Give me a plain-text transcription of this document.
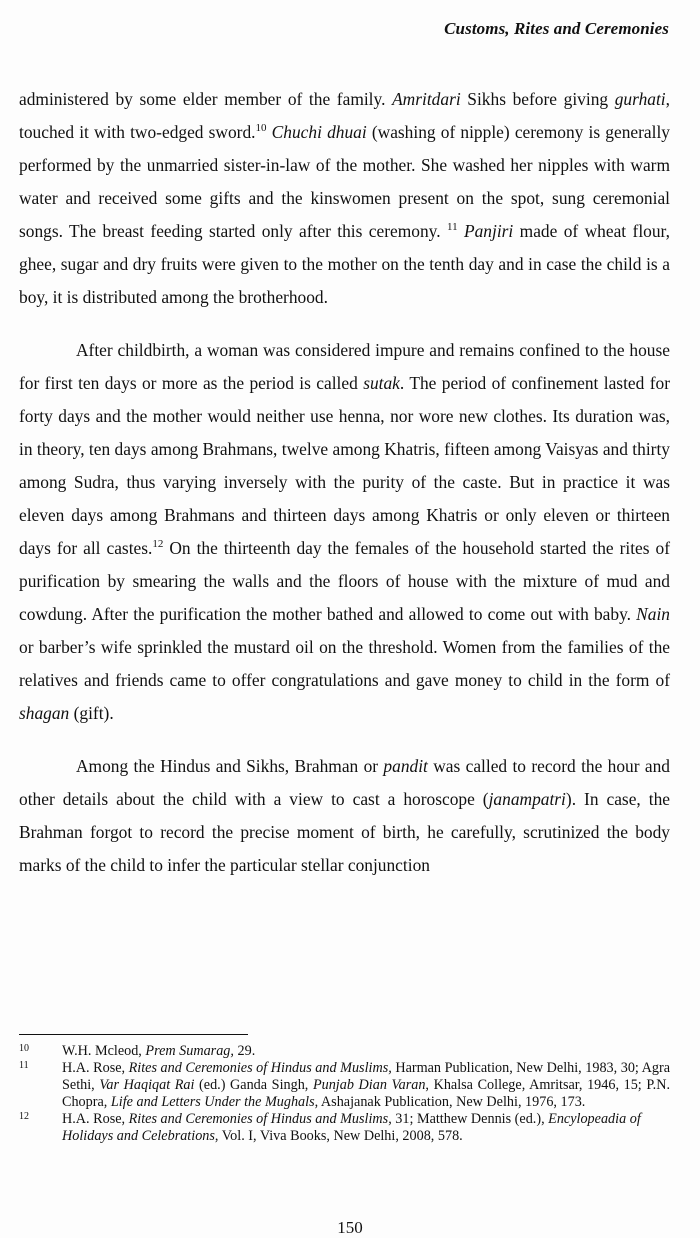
Customs, Rites and Ceremonies

administered by some elder member of the family. Amritdari Sikhs before giving gurhati, touched it with two-edged sword.$^{10}$ Chuchi dhuai (washing of nipple) ceremony is generally performed by the unmarried sister-in-law of the mother. She washed her nipples with warm water and received some gifts and the kinswomen present on the spot, sung ceremonial songs. The breast feeding started only after this ceremony. $^{11}$ Panjiri made of wheat flour, ghee, sugar and dry fruits were given to the mother on the tenth day and in case the child is a boy, it is distributed among the brotherhood.

After childbirth, a woman was considered impure and remains confined to the house for first ten days or more as the period is called sutak. The period of confinement lasted for forty days and the mother would neither use henna, nor wore new clothes. Its duration was, in theory, ten days among Brahmans, twelve among Khatris, fifteen among Vaisyas and thirty among Sudra, thus varying inversely with the purity of the caste. But in practice it was eleven days among Brahmans and thirteen days among Khatris or only eleven or thirteen days for all castes.$^{12}$ On the thirteenth day the females of the household started the rites of purification by smearing the walls and the floors of house with the mixture of mud and cowdung. After the purification the mother bathed and allowed to come out with baby. Nain or barber’s wife sprinkled the mustard oil on the threshold. Women from the families of the relatives and friends came to offer congratulations and gave money to child in the form of shagan (gift).

Among the Hindus and Sikhs, Brahman or pandit was called to record the hour and other details about the child with a view to cast a horoscope (janampatri). In case, the Brahman forgot to record the precise moment of birth, he carefully, scrutinized the body marks of the child to infer the particular stellar conjunction

10 W.H. Mcleod, Prem Sumarag, 29.
11 H.A. Rose, Rites and Ceremonies of Hindus and Muslims, Harman Publication, New Delhi, 1983, 30; Agra Sethi, Var Haqiqat Rai (ed.) Ganda Singh, Punjab Dian Varan, Khalsa College, Amritsar, 1946, 15; P.N. Chopra, Life and Letters Under the Mughals, Ashajanak Publication, New Delhi, 1976, 173.
12 H.A. Rose, Rites and Ceremonies of Hindus and Muslims, 31; Matthew Dennis (ed.), Encylopeadia of Holidays and Celebrations, Vol. I, Viva Books, New Delhi, 2008, 578.
150
